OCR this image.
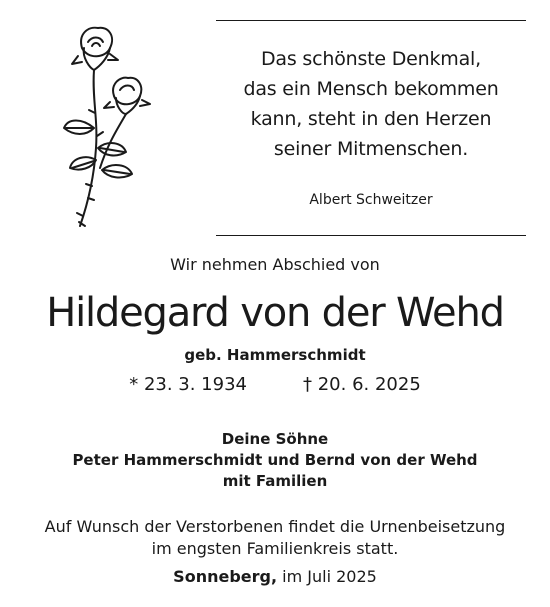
Das schönste Denkmal,
das ein Mensch bekommen
kann, steht in den Herzen
seiner Mitmenschen.
Albert Schweitzer
Wir nehmen Abschied von
Hildegard von der Wehd
geb. Hammerschmidt
* 23. 3. 1934	† 20. 6. 2025
Deine Söhne
Peter Hammerschmidt und Bernd von der Wehd
mit Familien
Auf Wunsch der Verstorbenen findet die Urnenbeisetzung
im engsten Familienkreis statt.
Sonneberg, im Juli 2025
